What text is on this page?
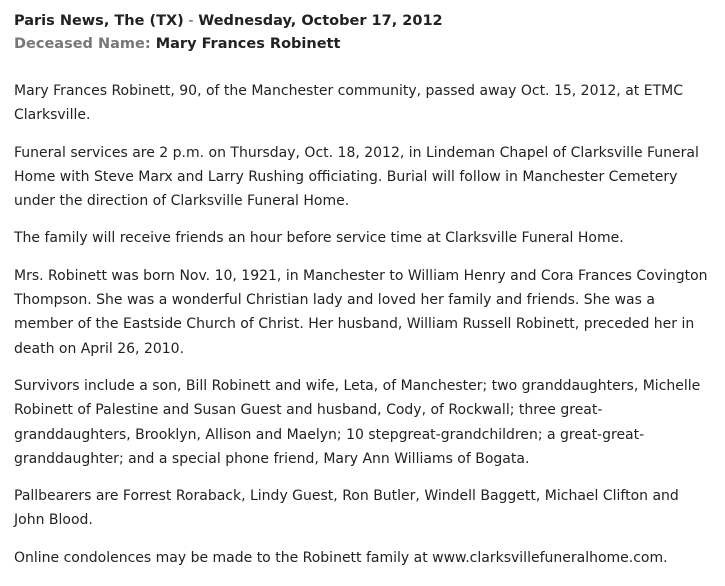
Paris News, The (TX) - Wednesday, October 17, 2012
Deceased Name: Mary Frances Robinett

Mary Frances Robinett, 90, of the Manchester community, passed away Oct. 15, 2012, at ETMC Clarksville.

Funeral services are 2 p.m. on Thursday, Oct. 18, 2012, in Lindeman Chapel of Clarksville Funeral Home with Steve Marx and Larry Rushing officiating. Burial will follow in Manchester Cemetery under the direction of Clarksville Funeral Home.

The family will receive friends an hour before service time at Clarksville Funeral Home.

Mrs. Robinett was born Nov. 10, 1921, in Manchester to William Henry and Cora Frances Covington Thompson. She was a wonderful Christian lady and loved her family and friends. She was a member of the Eastside Church of Christ. Her husband, William Russell Robinett, preceded her in death on April 26, 2010.

Survivors include a son, Bill Robinett and wife, Leta, of Manchester; two granddaughters, Michelle Robinett of Palestine and Susan Guest and husband, Cody, of Rockwall; three great-granddaughters, Brooklyn, Allison and Maelyn; 10 stepgreat-grandchildren; a great-great-granddaughter; and a special phone friend, Mary Ann Williams of Bogata.

Pallbearers are Forrest Roraback, Lindy Guest, Ron Butler, Windell Baggett, Michael Clifton and John Blood.

Online condolences may be made to the Robinett family at www.clarksvillefuneralhome.com.
